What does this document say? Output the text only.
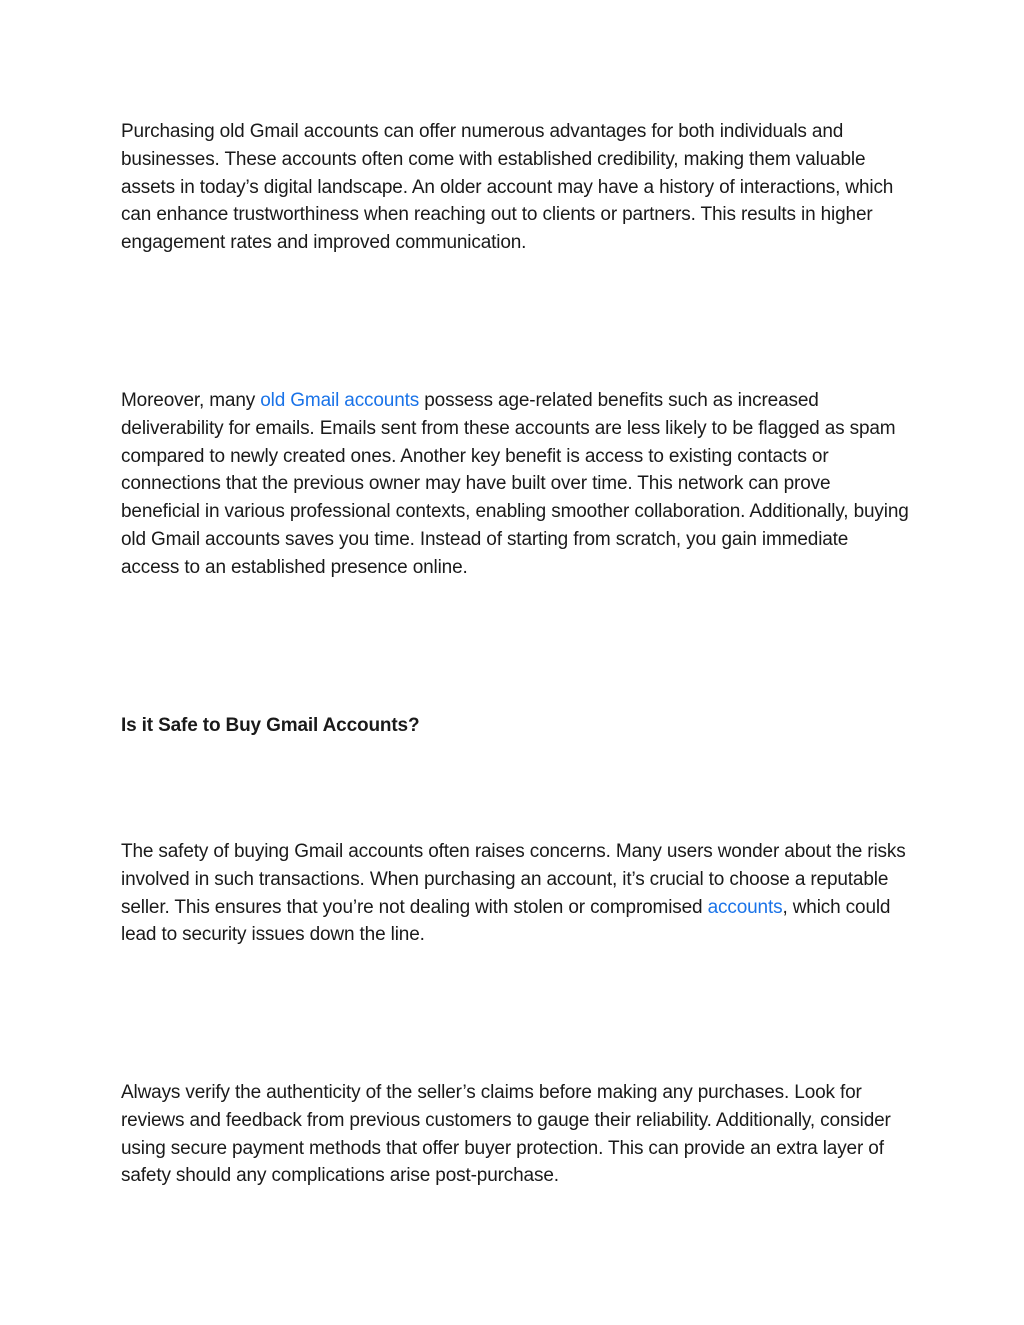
Purchasing old Gmail accounts can offer numerous advantages for both individuals and businesses. These accounts often come with established credibility, making them valuable assets in today’s digital landscape. An older account may have a history of interactions, which can enhance trustworthiness when reaching out to clients or partners. This results in higher engagement rates and improved communication.

Moreover, many old Gmail accounts possess age-related benefits such as increased deliverability for emails. Emails sent from these accounts are less likely to be flagged as spam compared to newly created ones. Another key benefit is access to existing contacts or connections that the previous owner may have built over time. This network can prove beneficial in various professional contexts, enabling smoother collaboration. Additionally, buying old Gmail accounts saves you time. Instead of starting from scratch, you gain immediate access to an established presence online.

Is it Safe to Buy Gmail Accounts?

The safety of buying Gmail accounts often raises concerns. Many users wonder about the risks involved in such transactions. When purchasing an account, it’s crucial to choose a reputable seller. This ensures that you’re not dealing with stolen or compromised accounts, which could lead to security issues down the line.

Always verify the authenticity of the seller’s claims before making any purchases. Look for reviews and feedback from previous customers to gauge their reliability. Additionally, consider using secure payment methods that offer buyer protection. This can provide an extra layer of safety should any complications arise post-purchase.
